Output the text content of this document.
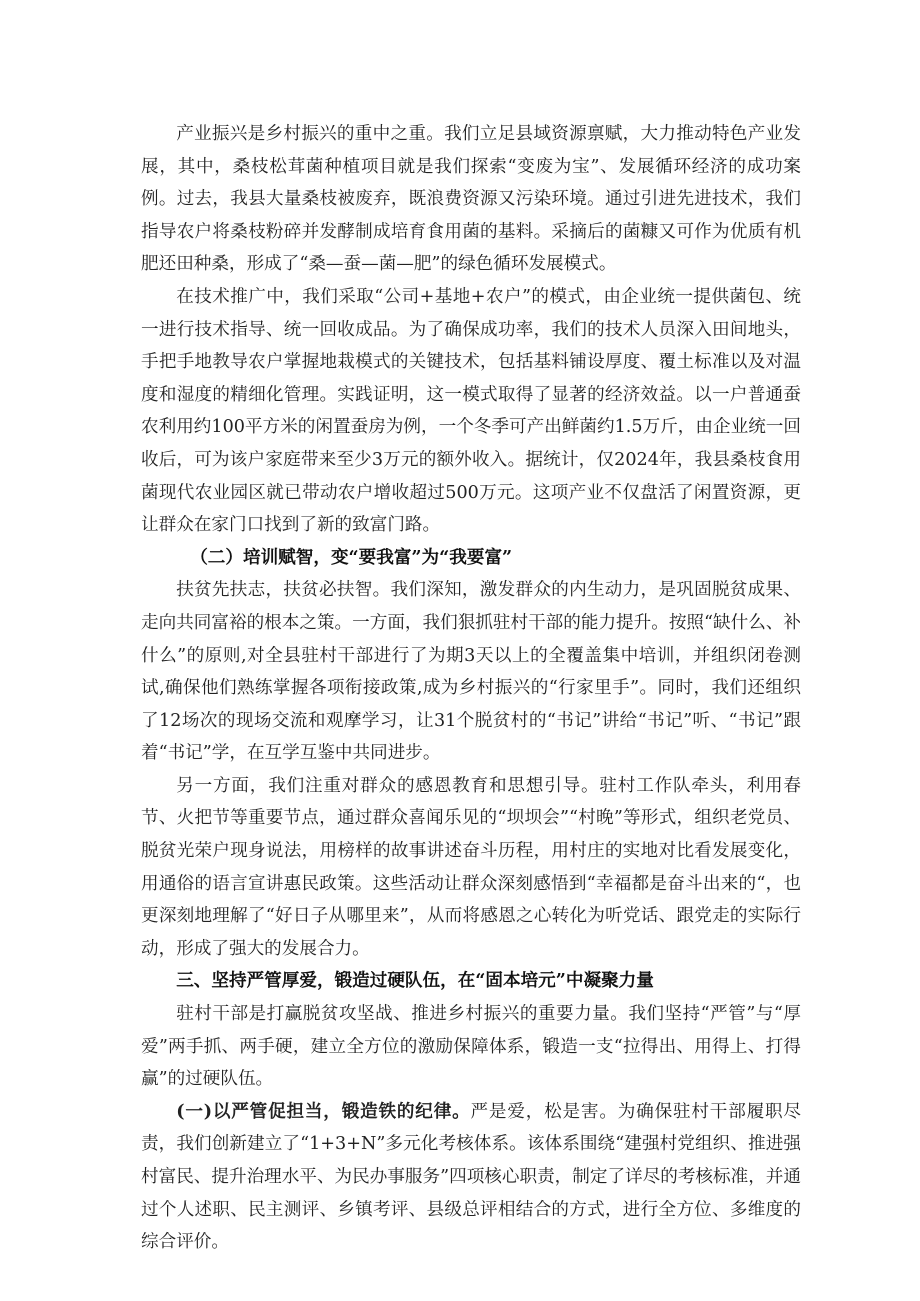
产业振兴是乡村振兴的重中之重。我们立足县域资源禀赋，大力推动特色产业发展，其中，桑枝松茸菌种植项目就是我们探索“变废为宝”、发展循环经济的成功案例。过去，我县大量桑枝被废弃，既浪费资源又污染环境。通过引进先进技术，我们指导农户将桑枝粉碎并发酵制成培育食用菌的基料。采摘后的菌糠又可作为优质有机肥还田种桑，形成了“桑—蚕—菌—肥”的绿色循环发展模式。

在技术推广中，我们采取“公司+基地+农户”的模式，由企业统一提供菌包、统一进行技术指导、统一回收成品。为了确保成功率，我们的技术人员深入田间地头，手把手地教导农户掌握地栽模式的关键技术，包括基料铺设厚度、覆土标准以及对温度和湿度的精细化管理。实践证明，这一模式取得了显著的经济效益。以一户普通蚕农利用约100平方米的闲置蚕房为例，一个冬季可产出鲜菌约1.5万斤，由企业统一回收后，可为该户家庭带来至少3万元的额外收入。据统计，仅2024年，我县桑枝食用菌现代农业园区就已带动农户增收超过500万元。这项产业不仅盘活了闲置资源，更让群众在家门口找到了新的致富门路。

（二）培训赋智，变“要我富”为“我要富”

扶贫先扶志，扶贫必扶智。我们深知，激发群众的内生动力，是巩固脱贫成果、走向共同富裕的根本之策。一方面，我们狠抓驻村干部的能力提升。按照“缺什么、补什么”的原则,对全县驻村干部进行了为期3天以上的全覆盖集中培训，并组织闭卷测试,确保他们熟练掌握各项衔接政策,成为乡村振兴的“行家里手”。同时，我们还组织了12场次的现场交流和观摩学习，让31个脱贫村的“书记”讲给“书记”听、“书记”跟着“书记”学，在互学互鉴中共同进步。

另一方面，我们注重对群众的感恩教育和思想引导。驻村工作队牵头，利用春节、火把节等重要节点，通过群众喜闻乐见的“坝坝会”“村晚”等形式，组织老党员、脱贫光荣户现身说法，用榜样的故事讲述奋斗历程，用村庄的实地对比看发展变化，用通俗的语言宣讲惠民政策。这些活动让群众深刻感悟到“幸福都是奋斗出来的“，也更深刻地理解了“好日子从哪里来”，从而将感恩之心转化为听党话、跟党走的实际行动，形成了强大的发展合力。

三、坚持严管厚爱，锻造过硬队伍，在“固本培元”中凝聚力量

驻村干部是打赢脱贫攻坚战、推进乡村振兴的重要力量。我们坚持“严管”与“厚爱”两手抓、两手硬，建立全方位的激励保障体系，锻造一支“拉得出、用得上、打得赢”的过硬队伍。

(一)以严管促担当，锻造铁的纪律。严是爱，松是害。为确保驻村干部履职尽责，我们创新建立了“1+3+N”多元化考核体系。该体系围绕“建强村党组织、推进强村富民、提升治理水平、为民办事服务”四项核心职责，制定了详尽的考核标准，并通过个人述职、民主测评、乡镇考评、县级总评相结合的方式，进行全方位、多维度的综合评价。
